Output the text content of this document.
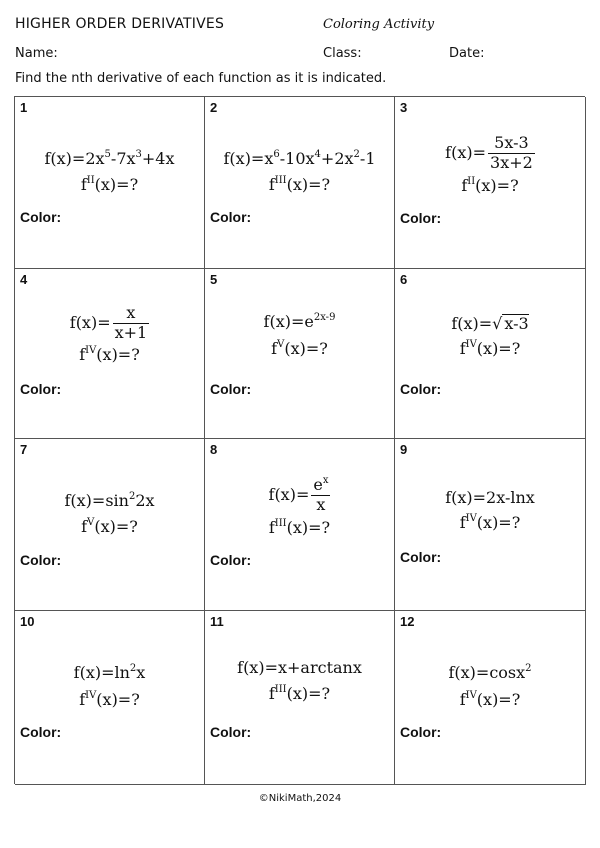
HIGHER ORDER DERIVATIVES	Coloring Activity
Name:	Class:	Date:
Find the nth derivative of each function as it is indicated.
1
$f(x)=2x^5-7x^3+4x$
$f^{II}(x)=$?
Color:
2
$f(x)=x^6-10x^4+2x^2-1$
$f^{III}(x)=$?
Color:
3
$f(x)= \frac{5x-3}{3x+2}$
$f^{II}(x)=$?
Color:
4
$f(x)= \frac{x}{x+1}$
$f^{IV}(x)=$?
Color:
5
$f(x)=e^{2x-9}$
$f^V(x)=$?
Color:
6
f(x)=√ x-3
$f^{IV}(x)=$?
Color:
7
$f(x)=\sin^22x$
$f^V(x)=$?
Color:
8
$f(x)= \frac{e^x}{x}$
$f^{III}(x)=$?
Color:
9
f(x)=2x-lnx
$f^{IV}(x)=$?
Color:
10
$f(x)=\ln^2x$
$f^{IV}(x)=$?
Color:
11
f(x)=x+arctanx
$f^{III}(x)=$?
Color:
12
f(x)=cosx$^2$
$f^{IV}(x)=$?
Color:
©NikiMath,2024
